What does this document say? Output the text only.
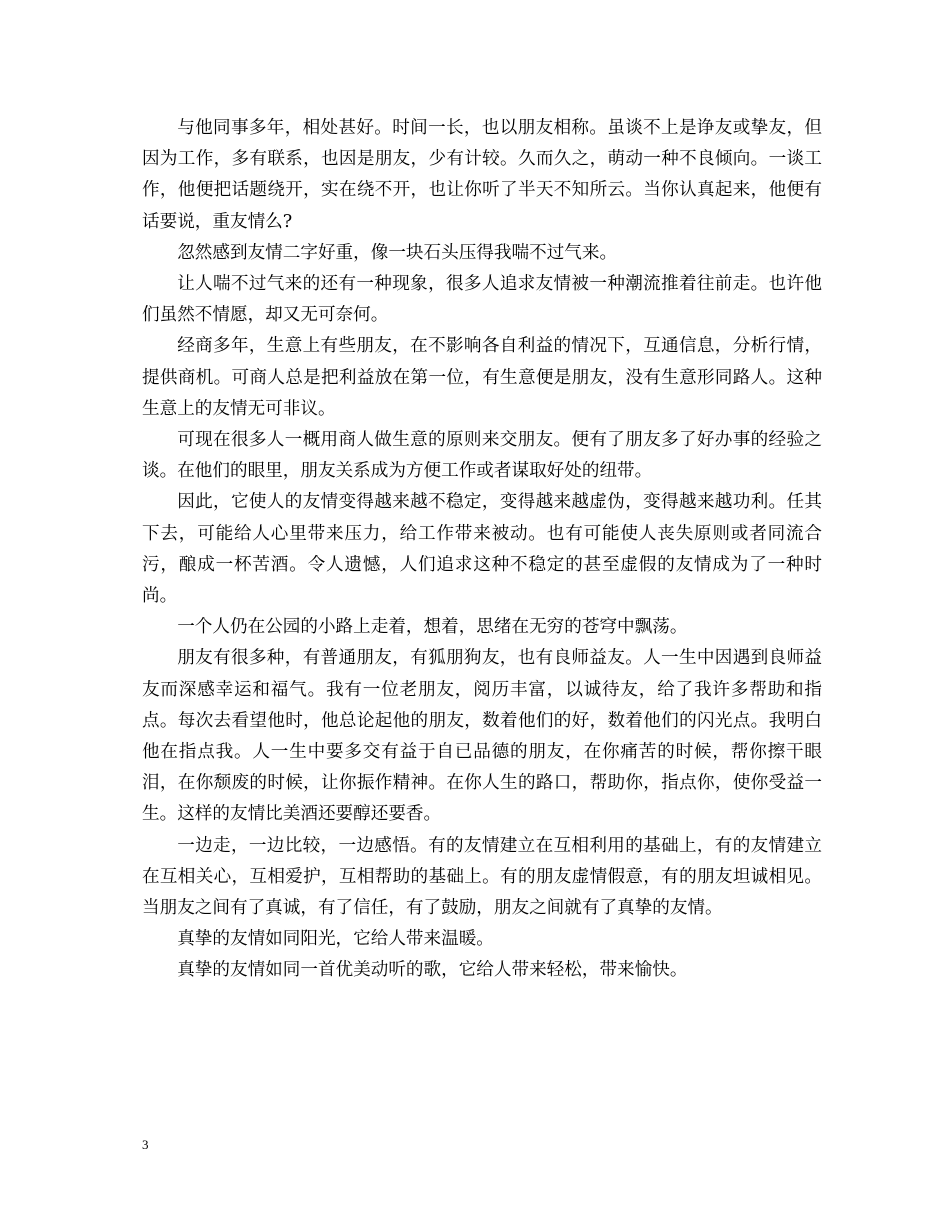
与他同事多年，相处甚好。时间一长，也以朋友相称。虽谈不上是诤友或挚友，但因为工作，多有联系，也因是朋友，少有计较。久而久之，萌动一种不良倾向。一谈工作，他便把话题绕开，实在绕不开，也让你听了半天不知所云。当你认真起来，他便有话要说，重友情么?

忽然感到友情二字好重，像一块石头压得我喘不过气来。

让人喘不过气来的还有一种现象，很多人追求友情被一种潮流推着往前走。也许他们虽然不情愿，却又无可奈何。

经商多年，生意上有些朋友，在不影响各自利益的情况下，互通信息，分析行情，提供商机。可商人总是把利益放在第一位，有生意便是朋友，没有生意形同路人。这种生意上的友情无可非议。

可现在很多人一概用商人做生意的原则来交朋友。便有了朋友多了好办事的经验之谈。在他们的眼里，朋友关系成为方便工作或者谋取好处的纽带。

因此，它使人的友情变得越来越不稳定，变得越来越虚伪，变得越来越功利。任其下去，可能给人心里带来压力，给工作带来被动。也有可能使人丧失原则或者同流合污，酿成一杯苦酒。令人遗憾，人们追求这种不稳定的甚至虚假的友情成为了一种时尚。

一个人仍在公园的小路上走着，想着，思绪在无穷的苍穹中飘荡。

朋友有很多种，有普通朋友，有狐朋狗友，也有良师益友。人一生中因遇到良师益友而深感幸运和福气。我有一位老朋友，阅历丰富，以诚待友，给了我许多帮助和指点。每次去看望他时，他总论起他的朋友，数着他们的好，数着他们的闪光点。我明白他在指点我。人一生中要多交有益于自已品德的朋友，在你痛苦的时候，帮你擦干眼泪，在你颓废的时候，让你振作精神。在你人生的路口，帮助你，指点你，使你受益一生。这样的友情比美酒还要醇还要香。

一边走，一边比较，一边感悟。有的友情建立在互相利用的基础上，有的友情建立在互相关心，互相爱护，互相帮助的基础上。有的朋友虚情假意，有的朋友坦诚相见。当朋友之间有了真诚，有了信任，有了鼓励，朋友之间就有了真挚的友情。

真挚的友情如同阳光，它给人带来温暖。

真挚的友情如同一首优美动听的歌，它给人带来轻松，带来愉快。

3
